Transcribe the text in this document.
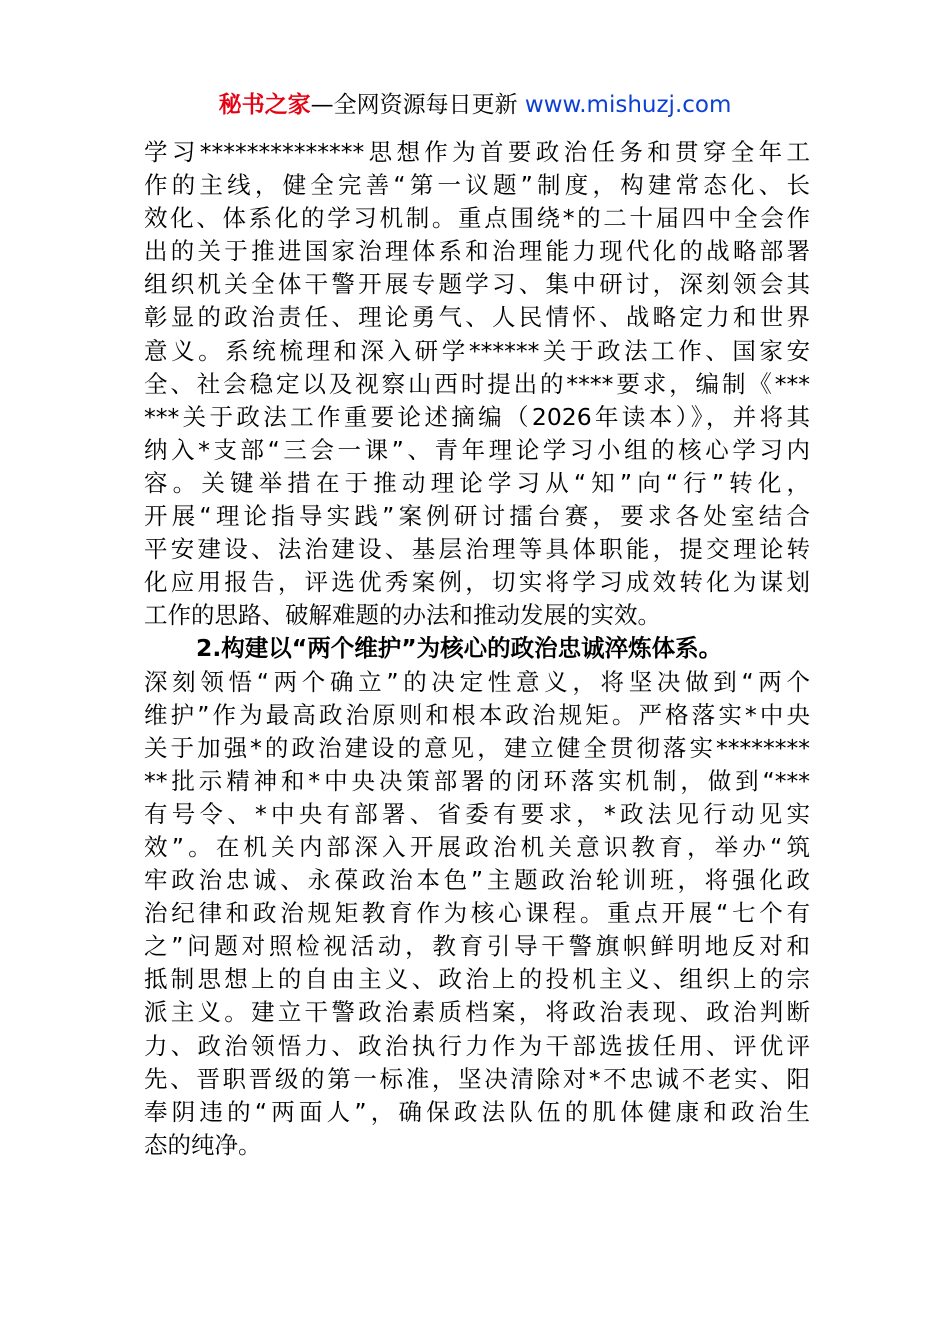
秘书之家—全网资源每日更新 www.mishuzj.com
学习**************思想作为首要政治任务和贯穿全年工
作的主线，健全完善“第一议题”制度，构建常态化、长
效化、体系化的学习机制。重点围绕*的二十届四中全会作
出的关于推进国家治理体系和治理能力现代化的战略部署
组织机关全体干警开展专题学习、集中研讨，深刻领会其
彰显的政治责任、理论勇气、人民情怀、战略定力和世界
意义。系统梳理和深入研学******关于政法工作、国家安
全、社会稳定以及视察山西时提出的****要求，编制《***
***关于政法工作重要论述摘编（2026年读本）》，并将其
纳入*支部“三会一课”、青年理论学习小组的核心学习内
容。关键举措在于推动理论学习从“知”向“行”转化，
开展“理论指导实践”案例研讨擂台赛，要求各处室结合
平安建设、法治建设、基层治理等具体职能，提交理论转
化应用报告，评选优秀案例，切实将学习成效转化为谋划
工作的思路、破解难题的办法和推动发展的实效。
2.构建以“两个维护”为核心的政治忠诚淬炼体系。
深刻领悟“两个确立”的决定性意义，将坚决做到“两个
维护”作为最高政治原则和根本政治规矩。严格落实*中央
关于加强*的政治建设的意见，建立健全贯彻落实********
**批示精神和*中央决策部署的闭环落实机制，做到“***
有号令、*中央有部署、省委有要求，*政法见行动见实
效”。在机关内部深入开展政治机关意识教育，举办“筑
牢政治忠诚、永葆政治本色”主题政治轮训班，将强化政
治纪律和政治规矩教育作为核心课程。重点开展“七个有
之”问题对照检视活动，教育引导干警旗帜鲜明地反对和
抵制思想上的自由主义、政治上的投机主义、组织上的宗
派主义。建立干警政治素质档案，将政治表现、政治判断
力、政治领悟力、政治执行力作为干部选拔任用、评优评
先、晋职晋级的第一标准，坚决清除对*不忠诚不老实、阳
奉阴违的“两面人”，确保政法队伍的肌体健康和政治生
态的纯净。
